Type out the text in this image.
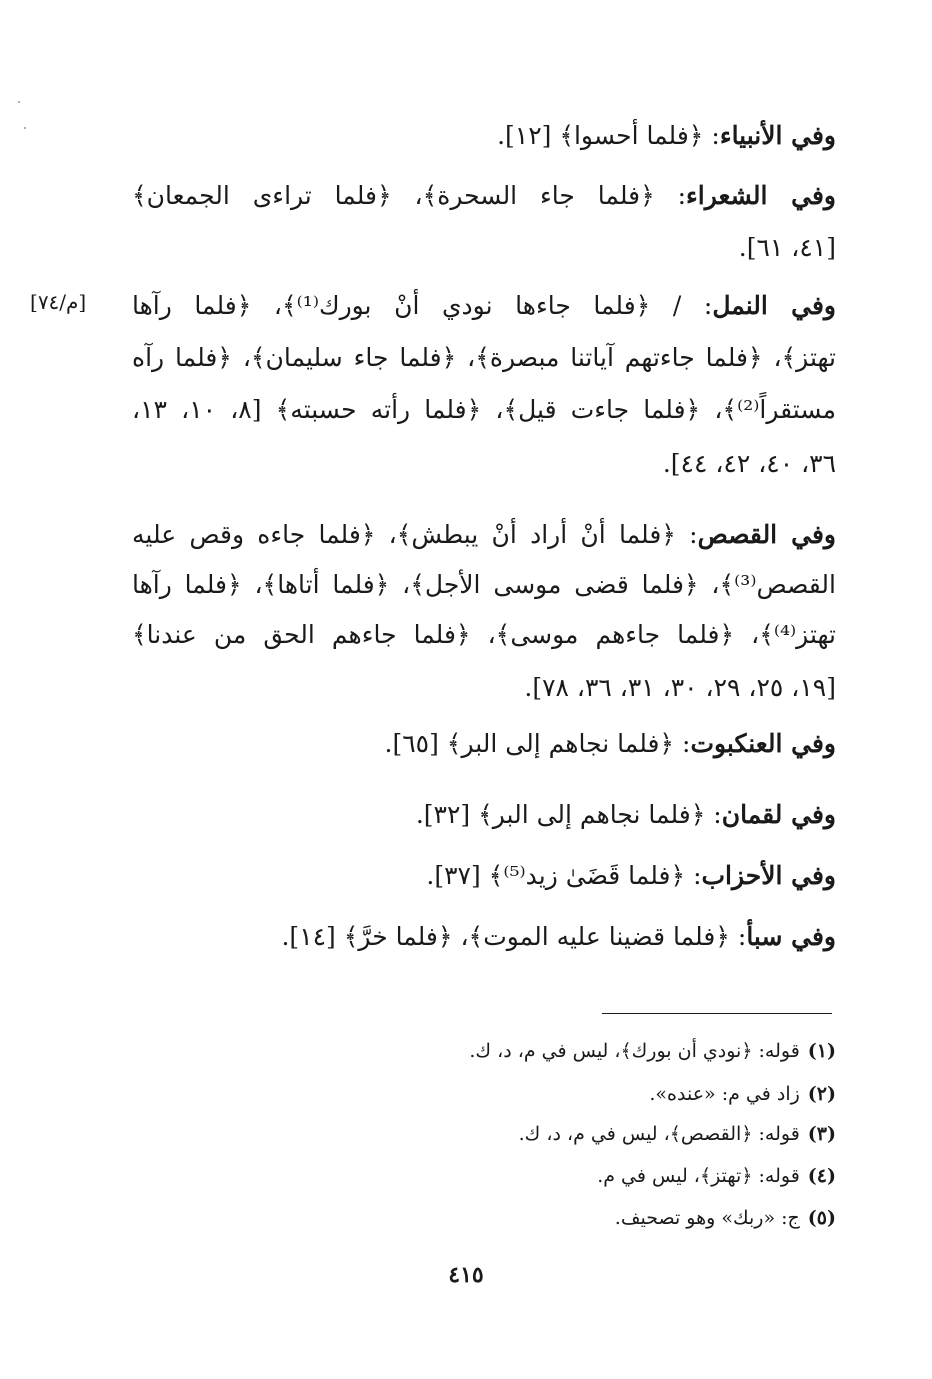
وفي الأنبياء: ﴿فلما أحسوا﴾ [١٢].
وفي الشعراء: ﴿فلما جاء السحرة﴾، ﴿فلما تراءى الجمعان﴾
[٤١، ٦١].
وفي النمل: / ﴿فلما جاءها نودي أنْ بورك⁽¹⁾﴾، ﴿فلما رآها
[م/٧٤]
تهتز﴾، ﴿فلما جاءتهم آياتنا مبصرة﴾، ﴿فلما جاء سليمان﴾، ﴿فلما رآه
مستقراً⁽²⁾﴾، ﴿فلما جاءت قيل﴾، ﴿فلما رأته حسبته﴾ [٨، ١٠، ١٣،
٣٦، ٤٠، ٤٢، ٤٤].
وفي القصص: ﴿فلما أنْ أراد أنْ يبطش﴾، ﴿فلما جاءه وقص عليه
القصص⁽³⁾﴾، ﴿فلما قضى موسى الأجل﴾، ﴿فلما أتاها﴾، ﴿فلما رآها
تهتز⁽⁴⁾﴾، ﴿فلما جاءهم موسى﴾، ﴿فلما جاءهم الحق من عندنا﴾
[١٩، ٢٥، ٢٩، ٣٠، ٣١، ٣٦، ٧٨].
وفي العنكبوت: ﴿فلما نجاهم إلى البر﴾ [٦٥].
وفي لقمان: ﴿فلما نجاهم إلى البر﴾ [٣٢].
وفي الأحزاب: ﴿فلما قَضَىٰ زيد⁽⁵⁾﴾ [٣٧].
وفي سبأ: ﴿فلما قضينا عليه الموت﴾، ﴿فلما خرَّ﴾ [١٤].
(١)قوله: ﴿نودي أن بورك﴾، ليس في م، د، ك.
(٢)زاد في م: «عنده».
(٣)قوله: ﴿القصص﴾، ليس في م، د، ك.
(٤)قوله: ﴿تهتز﴾، ليس في م.
(٥)ج: «ربك» وهو تصحيف.
٤١٥
